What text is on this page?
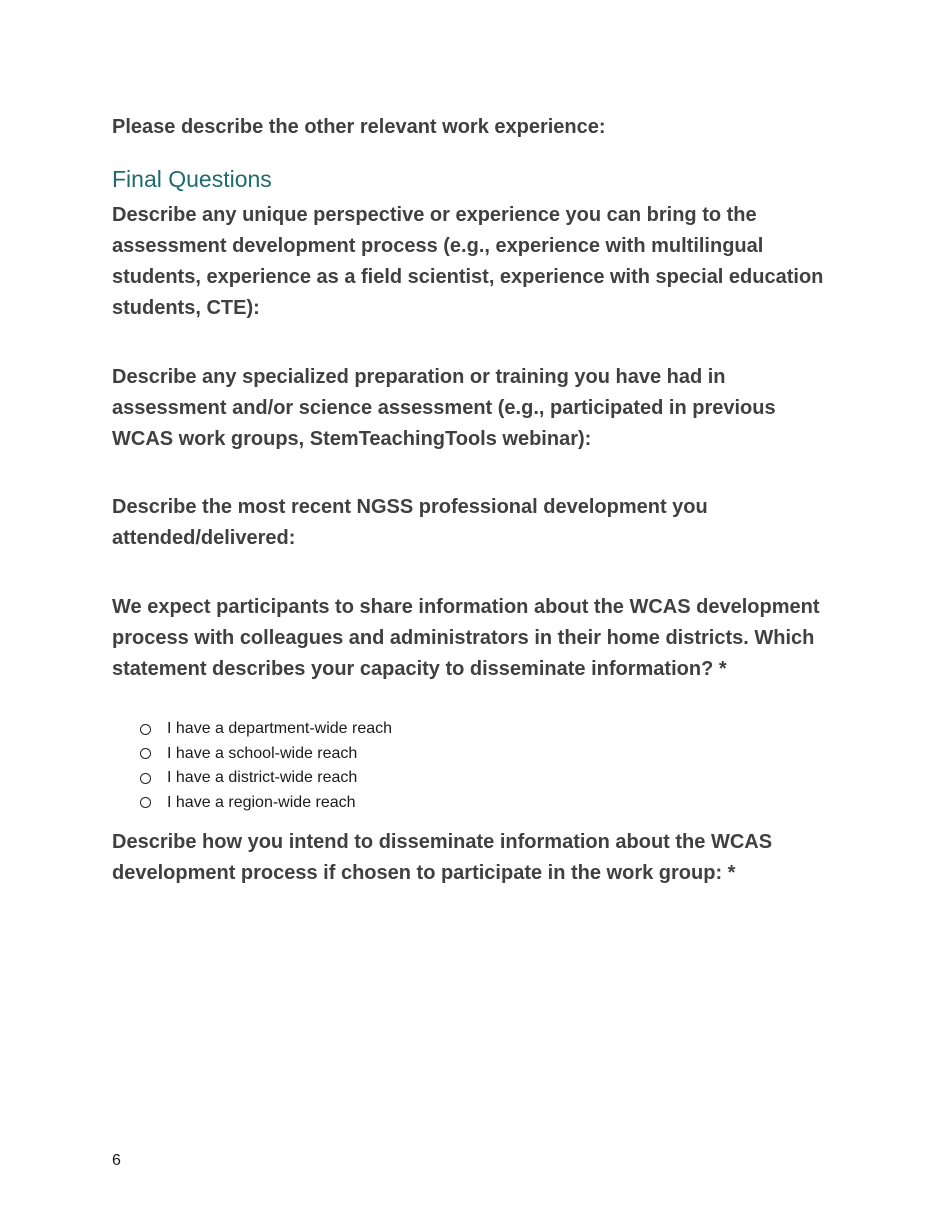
Please describe the other relevant work experience:

Final Questions

Describe any unique perspective or experience you can bring to the assessment development process (e.g., experience with multilingual students, experience as a field scientist, experience with special education students, CTE):

Describe any specialized preparation or training you have had in assessment and/or science assessment (e.g., participated in previous WCAS work groups, StemTeachingTools webinar):

Describe the most recent NGSS professional development you attended/delivered:

We expect participants to share information about the WCAS development process with colleagues and administrators in their home districts. Which statement describes your capacity to disseminate information? *

I have a department-wide reach
I have a school-wide reach
I have a district-wide reach
I have a region-wide reach

Describe how you intend to disseminate information about the WCAS development process if chosen to participate in the work group: *

6
